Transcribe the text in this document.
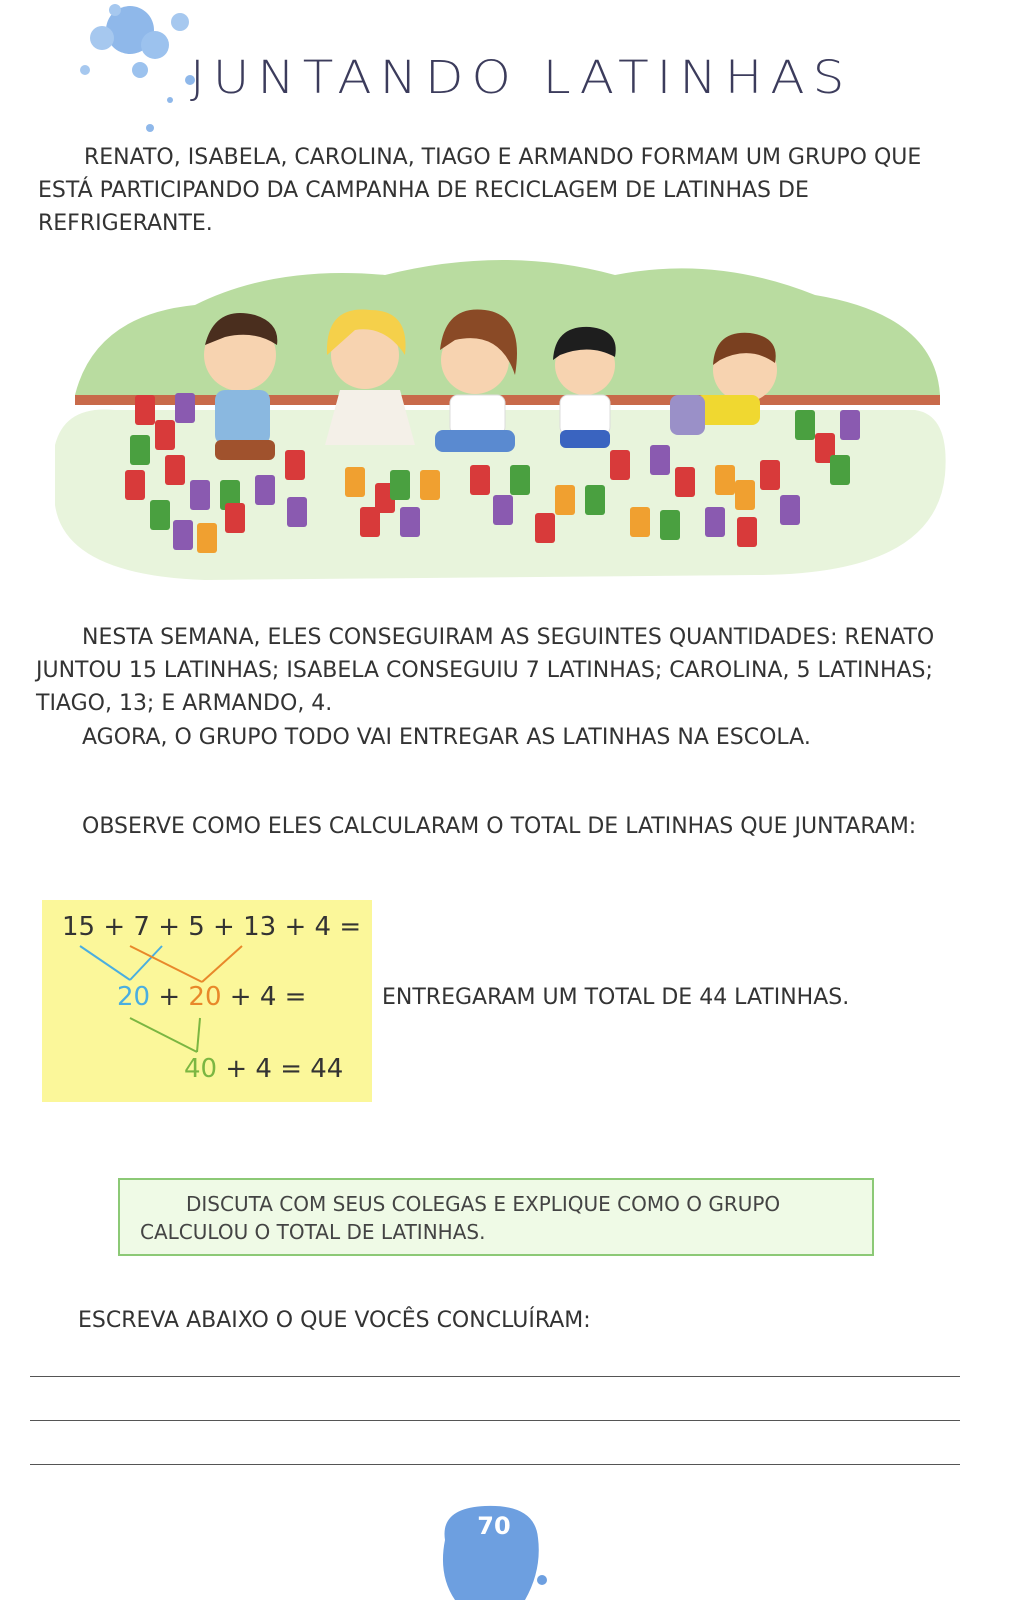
JUNTANDO LATINHAS
RENATO, ISABELA, CAROLINA, TIAGO E ARMANDO FORMAM UM GRUPO QUE ESTÁ PARTICIPANDO DA CAMPANHA DE RECICLAGEM DE LATINHAS DE REFRIGERANTE.
NESTA SEMANA, ELES CONSEGUIRAM AS SEGUINTES QUANTIDADES: RENATO JUNTOU 15 LATINHAS; ISABELA CONSEGUIU 7 LATINHAS; CAROLINA, 5 LATINHAS; TIAGO, 13; E ARMANDO, 4.
AGORA, O GRUPO TODO VAI ENTREGAR AS LATINHAS NA ESCOLA.
OBSERVE COMO ELES CALCULARAM O TOTAL DE LATINHAS QUE JUNTARAM:
15 + 7 + 5 + 13 + 4 =
20 + 20 + 4 =
40 + 4 = 44
ENTREGARAM UM TOTAL DE 44 LATINHAS.
DISCUTA COM SEUS COLEGAS E EXPLIQUE COMO O GRUPO CALCULOU O TOTAL DE LATINHAS.
ESCREVA ABAIXO O QUE VOCÊS CONCLUÍRAM:
70
